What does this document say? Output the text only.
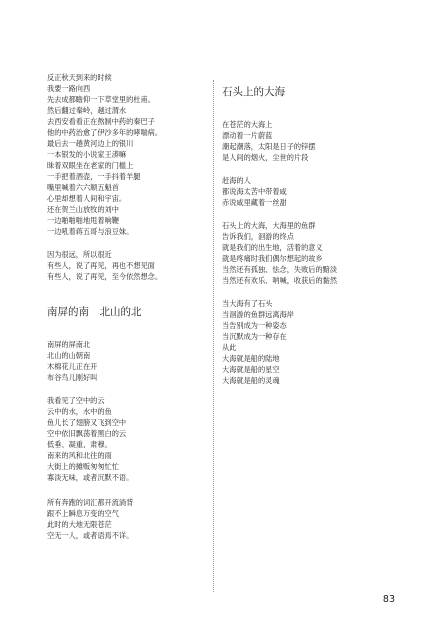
反正秋天到来的时候
我要一路向西
先去成都瞻仰一下草堂里的杜甫。
然后翻过秦岭，越过渭水
去西安看看正在熬制中药的秦巴子
他的中药治愈了伊沙多年的哮喘病。
最后去一趟黄河边上的银川
一本银发的小说家王漭嘛
昧着双眼坐在老家的门槛上
一手把着酒壶，一手抖着羊腿
嘴里喊着六六顺五魁首
心里却想着人间和宇宙。
还在贺兰山放牧的刘中
一边啪啪啪地甩着响鞭
一边吼着蒋五哥与浪豆妹。
因为很远，所以很近
有些人，说了再见，再也不想见面
有些人，说了再见，至今依然想念。
南屏的南　北山的北
南屏的屏南北
北山的山朝南
木棉花儿正在开
布谷鸟儿刚好叫
我看见了空中的云
云中的水，水中的鱼
鱼儿长了翅膀又飞到空中
空中依旧飘荡着黑白的云
低垂、凝重、肃穆。
南来的风和北往的雨
大街上的摊贩匆匆忙忙
寡淡无味，或者沉默不语。
所有奔跑的词汇都开流淌背
跟不上瞬息万变的空气
此时的大地无限苍茫
空无一人，或者语焉不详。
石头上的大海
在苍茫的大海上
漂动着一片蔚蓝
潮起潮落，太阳是日子的锌摆
是人间的烟火，尘世的片段
赶海的人
都说海太苦中带着咸
赤说咸里藏着一丝甜
石头上的大海，大海里的鱼群
告诉我们，洄游的终点
就是我们的出生地，活着的意义
就是疼痛时我们偶尔想起的故乡
当然还有孤独、怯念，失败后的黯淡
当然还有欢乐、呐喊，收获后的黏然
当大海有了石头
当洄游的鱼群远离海岸
当告别成为一种姿态
当沉默成为一种存在
从此
大海就是船的陆地
大海就是船的星空
大海就是船的灵魂
83
